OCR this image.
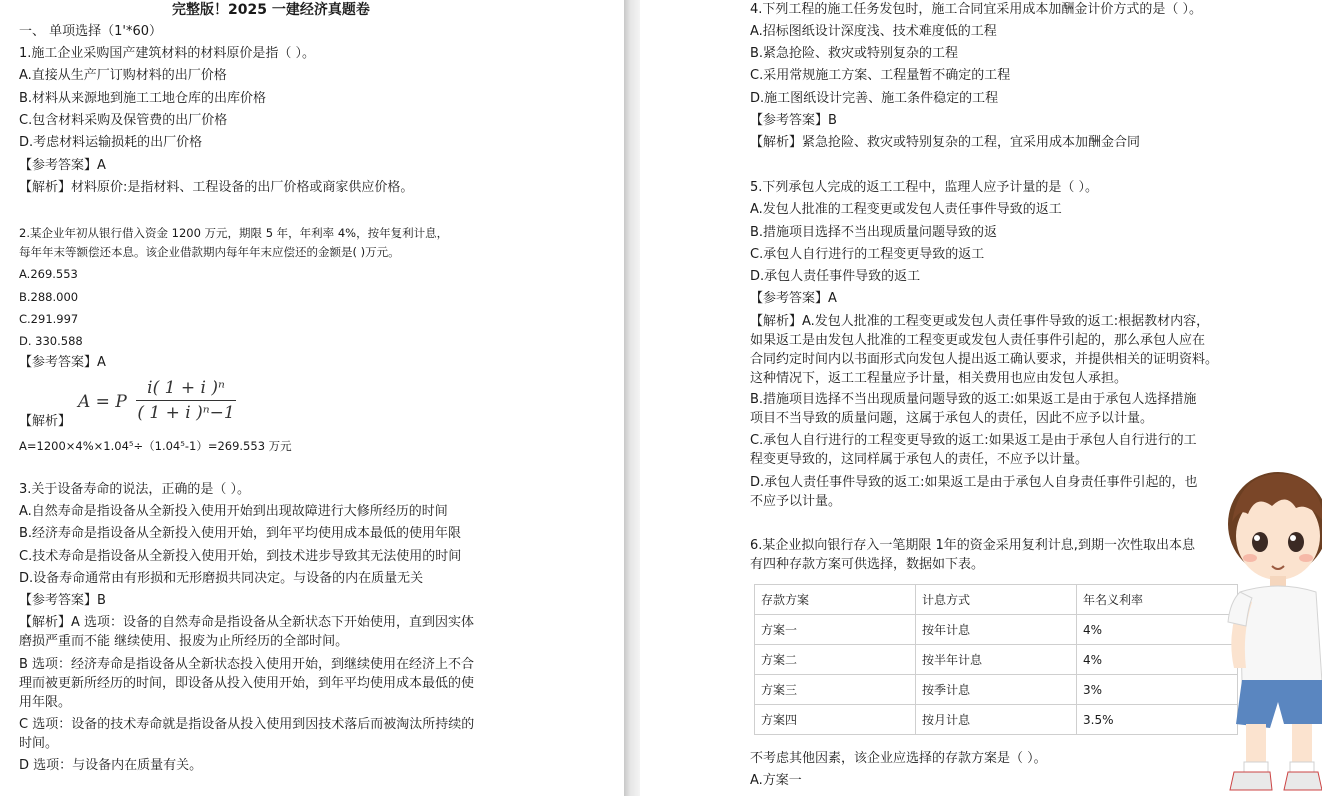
完整版！2025 一建经济真题卷
一、 单项选择（1'*60）
1.施工企业采购国产建筑材料的材料原价是指（ ）。
A.直接从生产厂订购材料的出厂价格
B.材料从来源地到施工工地仓库的出库价格
C.包含材料采购及保管费的出厂价格
D.考虑材料运输损耗的出厂价格
【参考答案】A
【解析】材料原价:是指材料、工程设备的出厂价格或商家供应价格。
2.某企业年初从银行借入资金 1200 万元，期限 5 年，年利率 4%，按年复利计息，
每年年末等额偿还本息。该企业借款期内每年年末应偿还的金额是( )万元。
A.269.553
B.288.000
C.291.997
D. 330.588
【参考答案】A
【解析】
A = P $\frac{\text{i( 1 + i )ⁿ}}{\text{( 1 + i )ⁿ−1}}$
A=1200×4%×1.04⁵÷（1.04⁵-1）=269.553 万元
3.关于设备寿命的说法，正确的是（ ）。
A.自然寿命是指设备从全新投入使用开始到出现故障进行大修所经历的时间
B.经济寿命是指设备从全新投入使用开始，到年平均使用成本最低的使用年限
C.技术寿命是指设备从全新投入使用开始，到技术进步导致其无法使用的时间
D.设备寿命通常由有形损和无形磨损共同决定。与设备的内在质量无关
【参考答案】B
【解析】A 选项：设备的自然寿命是指设备从全新状态下开始使用，直到因实体
磨损严重而不能 继续使用、报废为止所经历的全部时间。
B 选项：经济寿命是指设备从全新状态投入使用开始，到继续使用在经济上不合
理而被更新所经历的时间，即设备从投入使用开始，到年平均使用成本最低的使
用年限。
C 选项：设备的技术寿命就是指设备从投入使用到因技术落后而被淘汰所持续的
时间。
D 选项：与设备内在质量有关。
4.下列工程的施工任务发包时，施工合同宜采用成本加酬金计价方式的是（ ）。
A.招标图纸设计深度浅、技术难度低的工程
B.紧急抢险、救灾或特别复杂的工程
C.采用常规施工方案、工程量暂不确定的工程
D.施工图纸设计完善、施工条件稳定的工程
【参考答案】B
【解析】紧急抢险、救灾或特别复杂的工程，宜采用成本加酬金合同
5.下列承包人完成的返工工程中，监理人应予计量的是（ ）。
A.发包人批准的工程变更或发包人责任事件导致的返工
B.措施项目选择不当出现质量问题导致的返
C.承包人自行进行的工程变更导致的返工
D.承包人责任事件导致的返工
【参考答案】A
【解析】A.发包人批准的工程变更或发包人责任事件导致的返工:根据教材内容，
如果返工是由发包人批准的工程变更或发包人责任事件引起的，那么承包人应在
合同约定时间内以书面形式向发包人提出返工确认要求，并提供相关的证明资料。
这种情况下，返工工程量应予计量，相关费用也应由发包人承担。
B.措施项目选择不当出现质量问题导致的返工:如果返工是由于承包人选择措施
项目不当导致的质量问题，这属于承包人的责任，因此不应予以计量。
C.承包人自行进行的工程变更导致的返工:如果返工是由于承包人自行进行的工
程变更导致的，这同样属于承包人的责任，不应予以计量。
D.承包人责任事件导致的返工:如果返工是由于承包人自身责任事件引起的，也
不应予以计量。
6.某企业拟向银行存入一笔期限 1年的资金采用复利计息,到期一次性取出本息
有四种存款方案可供选择，数据如下表。
存款方案	计息方式	年名义利率
方案一	按年计息	4%
方案二	按半年计息	4%
方案三	按季计息	3%
方案四	按月计息	3.5%
不考虑其他因素，该企业应选择的存款方案是（ ）。
A.方案一
